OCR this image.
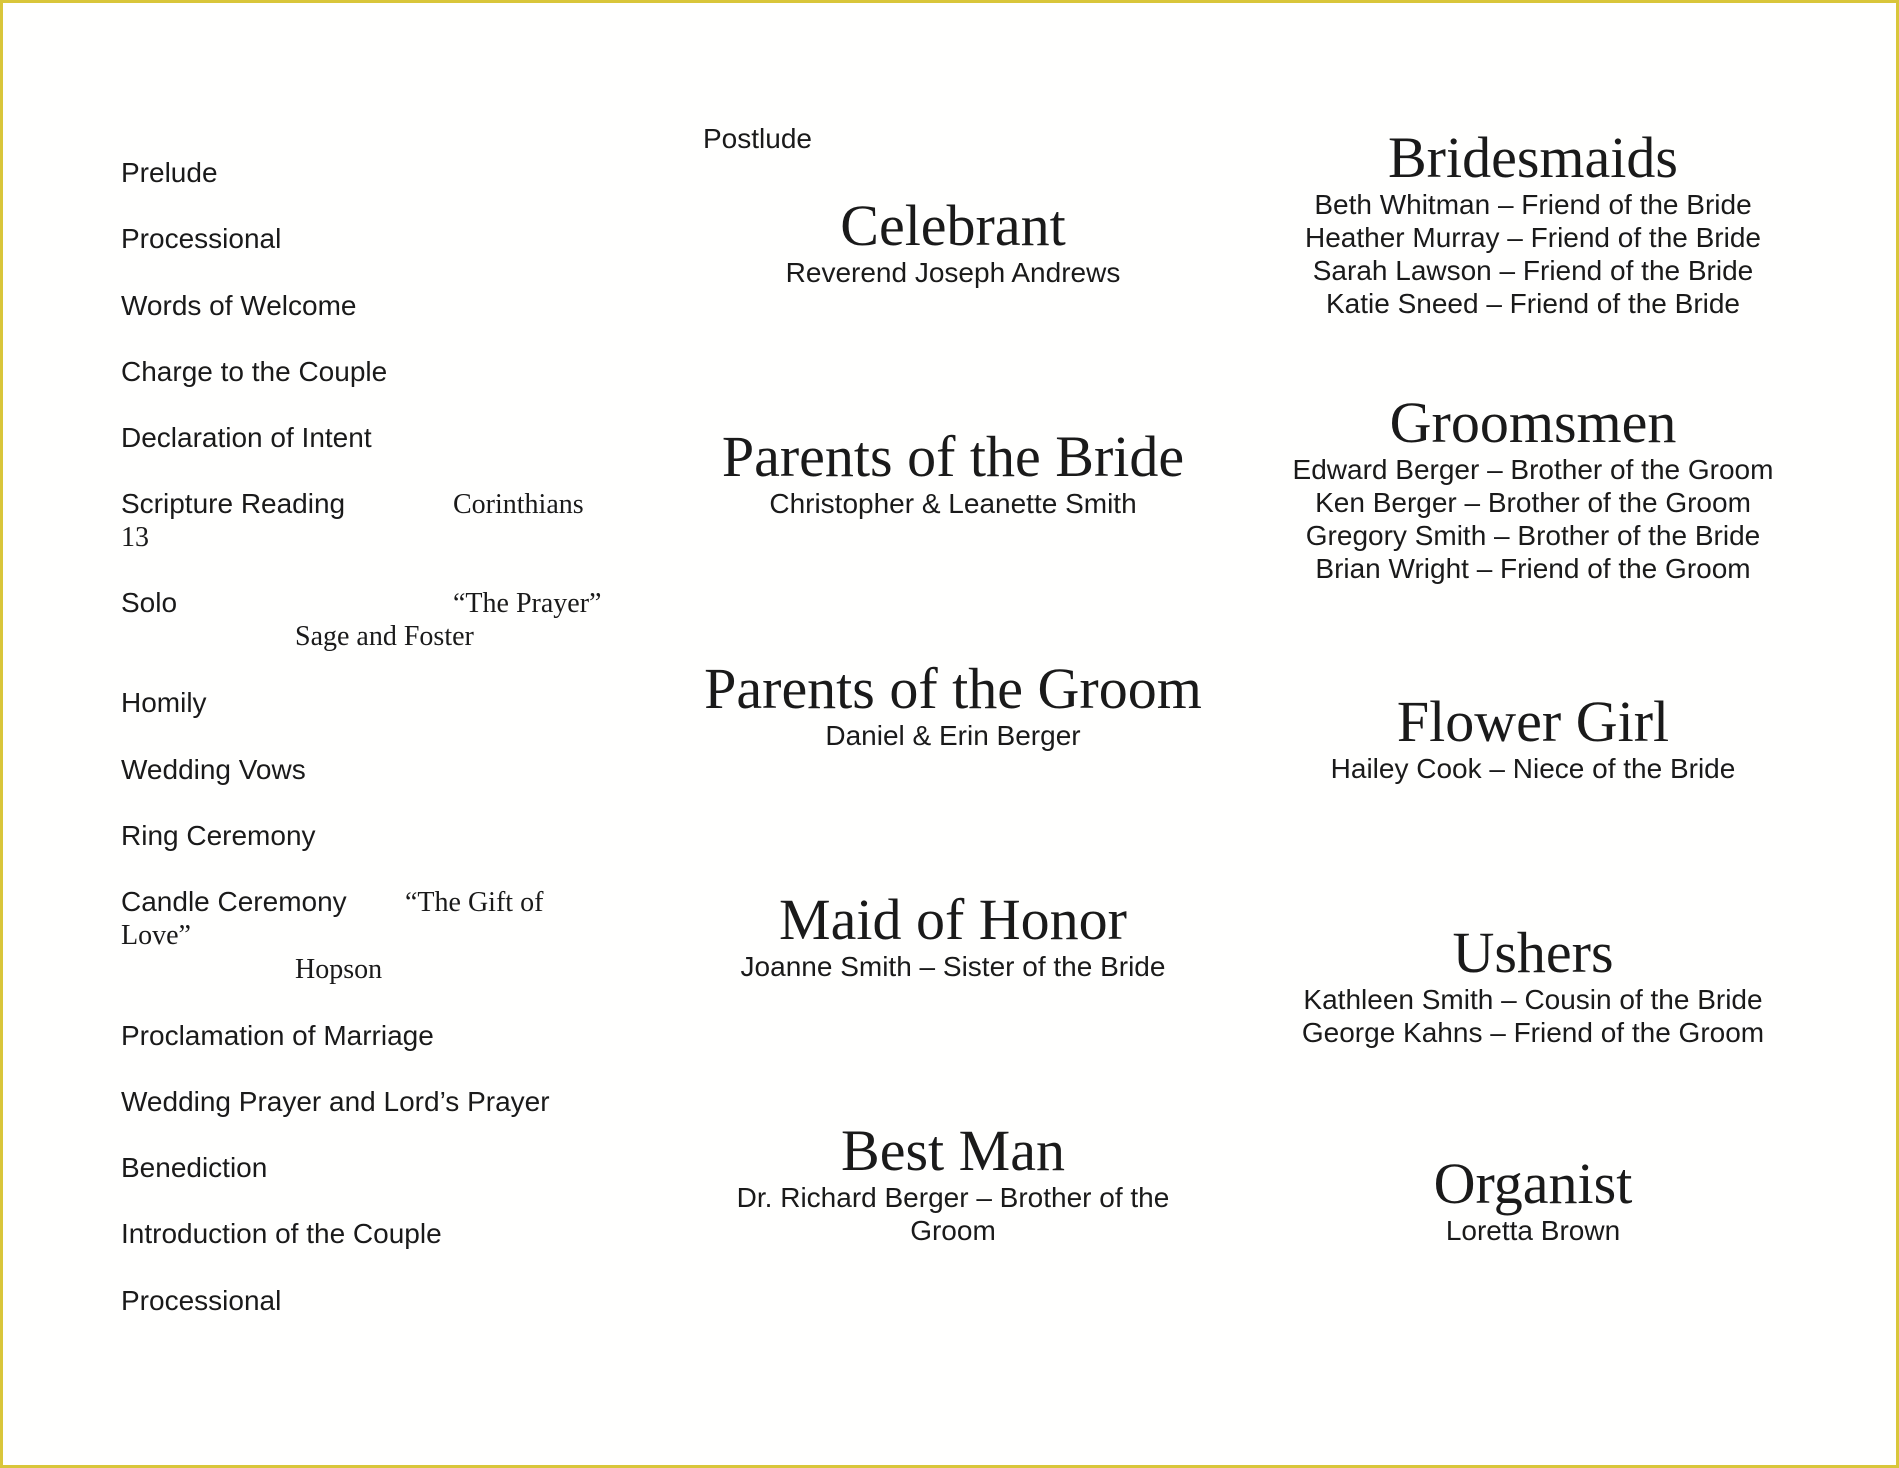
Prelude
Processional
Words of Welcome
Charge to the Couple
Declaration of Intent
Scripture Reading	Corinthians
13
Solo	“The Prayer”
Sage and Foster
Homily
Wedding Vows
Ring Ceremony
Candle Ceremony “The Gift of
Love”
Hopson
Proclamation of Marriage
Wedding Prayer and Lord’s Prayer
Benediction
Introduction of the Couple
Processional
Postlude
Celebrant
Reverend Joseph Andrews
Parents of the Bride
Christopher & Leanette Smith
Parents of the Groom
Daniel & Erin Berger
Maid of Honor
Joanne Smith – Sister of the Bride
Best Man
Dr. Richard Berger – Brother of the
Groom
Bridesmaids
Beth Whitman – Friend of the Bride
Heather Murray – Friend of the Bride
Sarah Lawson – Friend of the Bride
Katie Sneed – Friend of the Bride
Groomsmen
Edward Berger – Brother of the Groom
Ken Berger – Brother of the Groom
Gregory Smith – Brother of the Bride
Brian Wright – Friend of the Groom
Flower Girl
Hailey Cook – Niece of the Bride
Ushers
Kathleen Smith – Cousin of the Bride
George Kahns – Friend of the Groom
Organist
Loretta Brown
